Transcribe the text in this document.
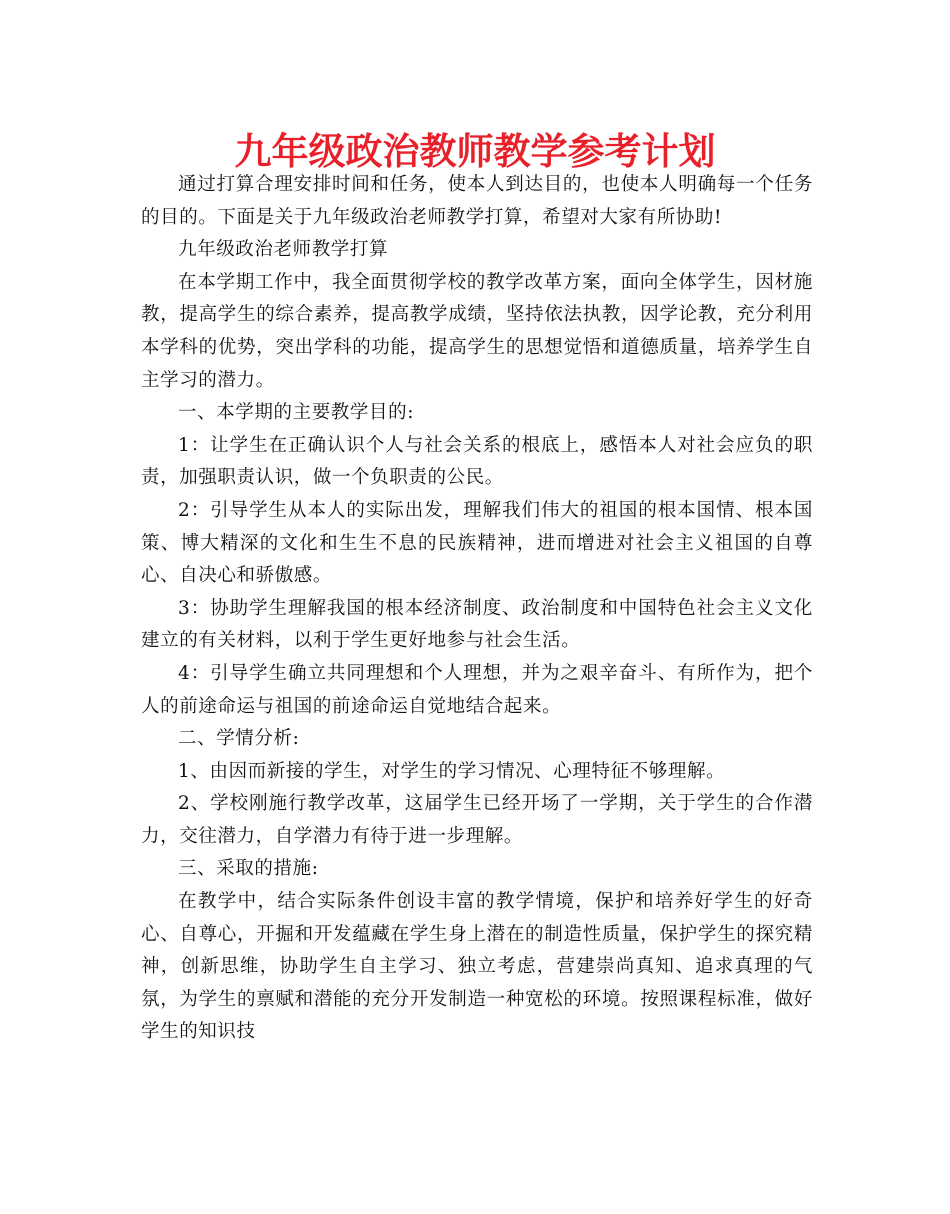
九年级政治教师教学参考计划

通过打算合理安排时间和任务，使本人到达目的，也使本人明确每一个任务的目的。下面是关于九年级政治老师教学打算，希望对大家有所协助!

九年级政治老师教学打算

在本学期工作中，我全面贯彻学校的教学改革方案，面向全体学生，因材施教，提高学生的综合素养，提高教学成绩，坚持依法执教，因学论教，充分利用本学科的优势，突出学科的功能，提高学生的思想觉悟和道德质量，培养学生自主学习的潜力。

一、本学期的主要教学目的:

1：让学生在正确认识个人与社会关系的根底上，感悟本人对社会应负的职责，加强职责认识，做一个负职责的公民。

2：引导学生从本人的实际出发，理解我们伟大的祖国的根本国情、根本国策、博大精深的文化和生生不息的民族精神，进而增进对社会主义祖国的自尊心、自决心和骄傲感。

3：协助学生理解我国的根本经济制度、政治制度和中国特色社会主义文化建立的有关材料，以利于学生更好地参与社会生活。

4：引导学生确立共同理想和个人理想，并为之艰辛奋斗、有所作为，把个人的前途命运与祖国的前途命运自觉地结合起来。

二、学情分析:

1、由因而新接的学生，对学生的学习情况、心理特征不够理解。

2、学校刚施行教学改革，这届学生已经开场了一学期，关于学生的合作潜力，交往潜力，自学潜力有待于进一步理解。

三、采取的措施:

在教学中，结合实际条件创设丰富的教学情境，保护和培养好学生的好奇心、自尊心，开掘和开发蕴藏在学生身上潜在的制造性质量，保护学生的探究精神，创新思维，协助学生自主学习、独立考虑，营建崇尚真知、追求真理的气氛，为学生的禀赋和潜能的充分开发制造一种宽松的环境。按照课程标准，做好学生的知识技
